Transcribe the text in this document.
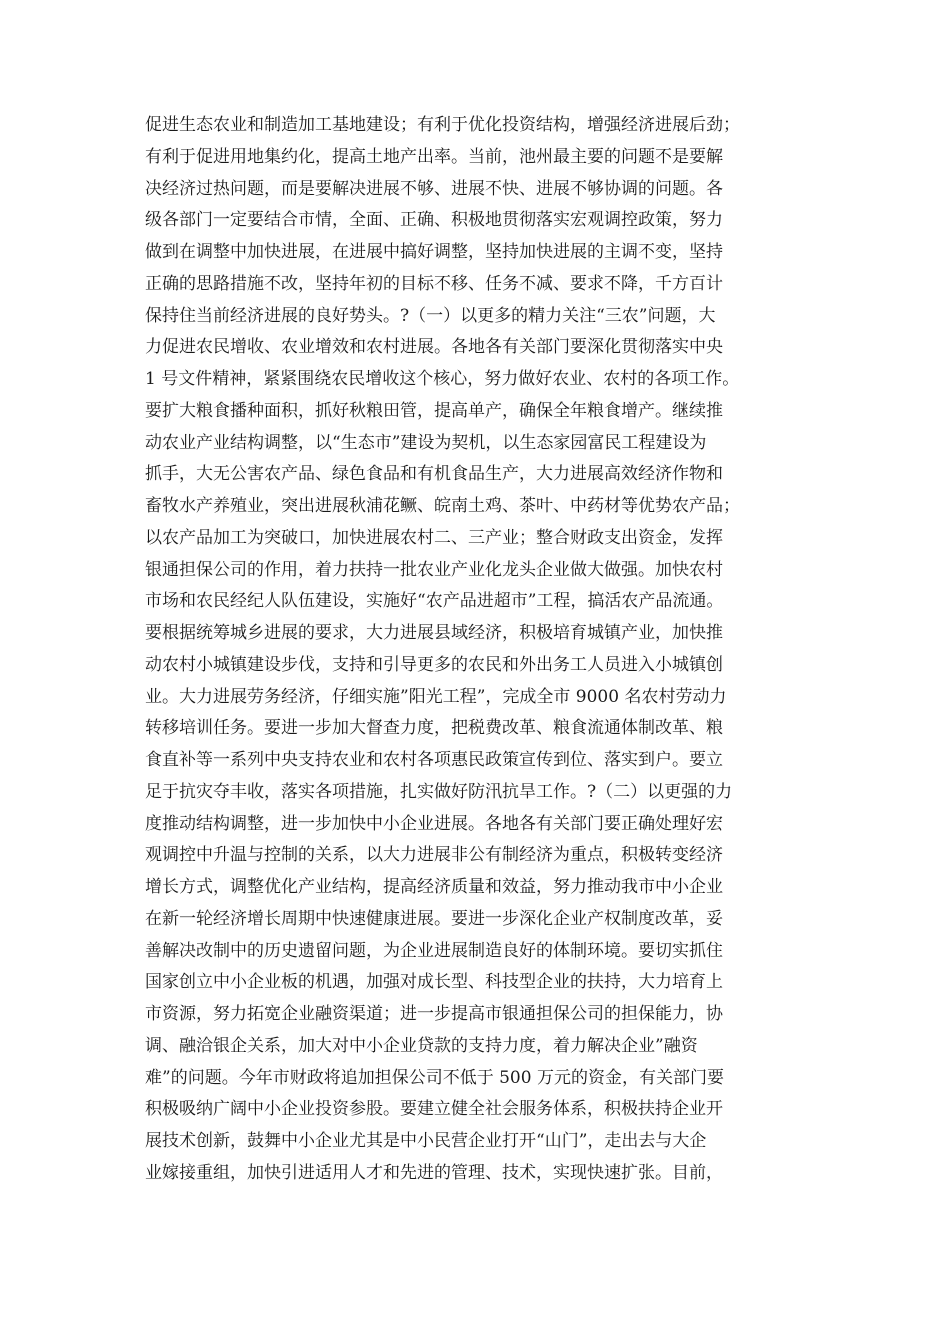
促进生态农业和制造加工基地建设；有利于优化投资结构，增强经济进展后劲；
有利于促进用地集约化，提高土地产出率。当前，池州最主要的问题不是要解
决经济过热问题，而是要解决进展不够、进展不快、进展不够协调的问题。各
级各部门一定要结合市情，全面、正确、积极地贯彻落实宏观调控政策，努力
做到在调整中加快进展，在进展中搞好调整，坚持加快进展的主调不变，坚持
正确的思路措施不改，坚持年初的目标不移、任务不减、要求不降，千方百计
保持住当前经济进展的良好势头。?（一）以更多的精力关注“三农”问题，大
力促进农民增收、农业增效和农村进展。各地各有关部门要深化贯彻落实中央
1 号文件精神，紧紧围绕农民增收这个核心，努力做好农业、农村的各项工作。
要扩大粮食播种面积，抓好秋粮田管，提高单产，确保全年粮食增产。继续推
动农业产业结构调整，以“生态市”建设为契机，以生态家园富民工程建设为
抓手，大无公害农产品、绿色食品和有机食品生产，大力进展高效经济作物和
畜牧水产养殖业，突出进展秋浦花鳜、皖南土鸡、茶叶、中药材等优势农产品；
以农产品加工为突破口，加快进展农村二、三产业；整合财政支出资金，发挥
银通担保公司的作用，着力扶持一批农业产业化龙头企业做大做强。加快农村
市场和农民经纪人队伍建设，实施好“农产品进超市”工程，搞活农产品流通。
要根据统筹城乡进展的要求，大力进展县域经济，积极培育城镇产业，加快推
动农村小城镇建设步伐，支持和引导更多的农民和外出务工人员进入小城镇创
业。大力进展劳务经济，仔细实施”阳光工程”，完成全市 9000 名农村劳动力
转移培训任务。要进一步加大督查力度，把税费改革、粮食流通体制改革、粮
食直补等一系列中央支持农业和农村各项惠民政策宣传到位、落实到户。要立
足于抗灾夺丰收，落实各项措施，扎实做好防汛抗旱工作。?（二）以更强的力
度推动结构调整，进一步加快中小企业进展。各地各有关部门要正确处理好宏
观调控中升温与控制的关系，以大力进展非公有制经济为重点，积极转变经济
增长方式，调整优化产业结构，提高经济质量和效益，努力推动我市中小企业
在新一轮经济增长周期中快速健康进展。要进一步深化企业产权制度改革，妥
善解决改制中的历史遗留问题，为企业进展制造良好的体制环境。要切实抓住
国家创立中小企业板的机遇，加强对成长型、科技型企业的扶持，大力培育上
市资源，努力拓宽企业融资渠道；进一步提高市银通担保公司的担保能力，协
调、融洽银企关系，加大对中小企业贷款的支持力度，着力解决企业”融资
难”的问题。今年市财政将追加担保公司不低于 500 万元的资金，有关部门要
积极吸纳广阔中小企业投资参股。要建立健全社会服务体系，积极扶持企业开
展技术创新，鼓舞中小企业尤其是中小民营企业打开“山门”，走出去与大企
业嫁接重组，加快引进适用人才和先进的管理、技术，实现快速扩张。目前，
